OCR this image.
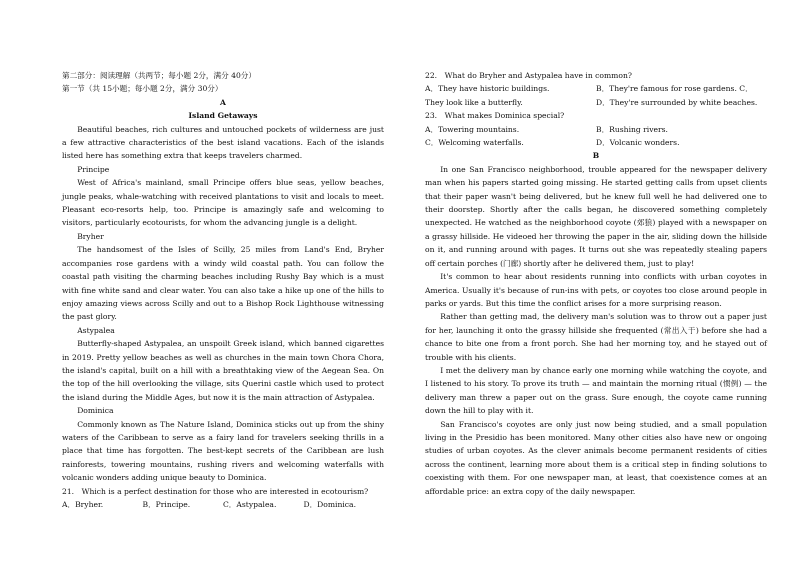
第二部分：阅读理解（共两节；每小题 2分，满分 40分）

第一节（共 15小题；每小题 2分，满分 30分）

A

Island Getaways

Beautiful beaches, rich cultures and untouched pockets of wilderness are just a few attractive characteristics of the best island vacations. Each of the islands listed here has something extra that keeps travelers charmed.

Principe

West of Africa's mainland, small Principe offers blue seas, yellow beaches, jungle peaks, whale-watching with received plantations to visit and locals to meet. Pleasant eco-resorts help, too. Principe is amazingly safe and welcoming to visitors, particularly ecotourists, for whom the advancing jungle is a delight.

Bryher

The handsomest of the Isles of Scilly, 25 miles from Land's End, Bryher accompanies rose gardens with a windy wild coastal path. You can follow the coastal path visiting the charming beaches including Rushy Bay which is a must with fine white sand and clear water. You can also take a hike up one of the hills to enjoy amazing views across Scilly and out to a Bishop Rock Lighthouse witnessing the past glory.

Astypalea

Butterfly-shaped Astypalea, an unspoilt Greek island, which banned cigarettes in 2019. Pretty yellow beaches as well as churches in the main town Chora Chora, the island's capital, built on a hill with a breathtaking view of the Aegean Sea. On the top of the hill overlooking the village, sits Querini castle which used to protect the island during the Middle Ages, but now it is the main attraction of Astypalea.

Dominica

Commonly known as The Nature Island, Dominica sticks out up from the shiny waters of the Caribbean to serve as a fairy land for travelers seeking thrills in a place that time has forgotten. The best-kept secrets of the Caribbean are lush rainforests, towering mountains, rushing rivers and welcoming waterfalls with volcanic wonders adding unique beauty to Dominica.

21.　Which is a perfect destination for those who are interested in ecotourism?

A．Bryher.	B．Principe.	C．Astypalea.	D．Dominica.

22.　What do Bryher and Astypalea have in common?

A．They have historic buildings.	B．They're famous for rose gardens. C．
They look like a butterfly.	D．They're surrounded by white beaches.

23.　What makes Dominica special?

A．Towering mountains.	B．Rushing rivers.
C．Welcoming waterfalls.	D．Volcanic wonders.

B

In one San Francisco neighborhood, trouble appeared for the newspaper delivery man when his papers started going missing. He started getting calls from upset clients that their paper wasn't being delivered, but he knew full well he had delivered one to their doorstep. Shortly after the calls began, he discovered something completely unexpected. He watched as the neighborhood coyote (郊狼) played with a newspaper on a grassy hillside. He videoed her throwing the paper in the air, sliding down the hillside on it, and running around with pages. It turns out she was repeatedly stealing papers off certain porches (门廊) shortly after he delivered them, just to play!

It's common to hear about residents running into conflicts with urban coyotes in America. Usually it's because of run-ins with pets, or coyotes too close around people in parks or yards. But this time the conflict arises for a more surprising reason.

Rather than getting mad, the delivery man's solution was to throw out a paper just for her, launching it onto the grassy hillside she frequented (常出入于) before she had a chance to bite one from a front porch. She had her morning toy, and he stayed out of trouble with his clients.

I met the delivery man by chance early one morning while watching the coyote, and I listened to his story. To prove its truth — and maintain the morning ritual (惯例) — the delivery man threw a paper out on the grass. Sure enough, the coyote came running down the hill to play with it.

San Francisco's coyotes are only just now being studied, and a small population living in the Presidio has been monitored. Many other cities also have new or ongoing studies of urban coyotes. As the clever animals become permanent residents of cities across the continent, learning more about them is a critical step in finding solutions to coexisting with them. For one newspaper man, at least, that coexistence comes at an affordable price: an extra copy of the daily newspaper.
